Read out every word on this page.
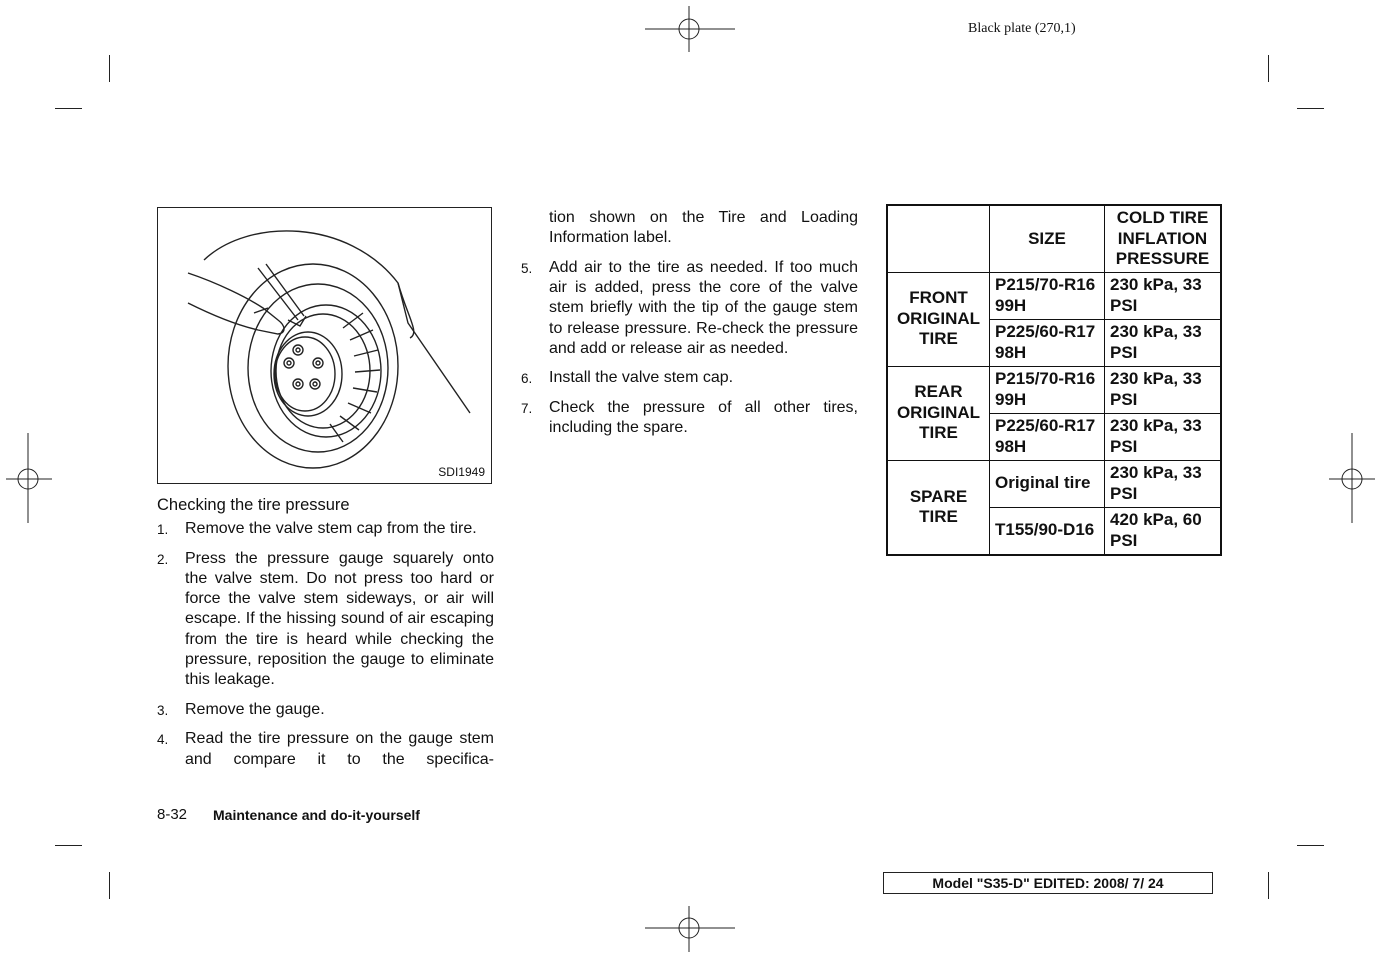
Black plate (270,1)
SDI1949
Checking the tire pressure
1. Remove the valve stem cap from the tire.
2. Press the pressure gauge squarely onto the valve stem. Do not press too hard or force the valve stem sideways, or air will escape. If the hissing sound of air escaping from the tire is heard while checking the pressure, reposition the gauge to eliminate this leakage.
3. Remove the gauge.
4. Read the tire pressure on the gauge stem and compare it to the specifica-
tion shown on the Tire and Loading Information label.
5. Add air to the tire as needed. If too much air is added, press the core of the valve stem briefly with the tip of the gauge stem to release pressure. Re-check the pressure and add or release air as needed.
6. Install the valve stem cap.
7. Check the pressure of all other tires, including the spare.
	SIZE	COLD TIRE INFLATION PRESSURE
FRONT ORIGINAL TIRE	P215/70-R16 99H	230 kPa, 33 PSI
	P225/60-R17 98H	230 kPa, 33 PSI
REAR ORIGINAL TIRE	P215/70-R16 99H	230 kPa, 33 PSI
	P225/60-R17 98H	230 kPa, 33 PSI
SPARE TIRE	Original tire	230 kPa, 33 PSI
	T155/90-D16	420 kPa, 60 PSI
8-32 Maintenance and do-it-yourself
Model "S35-D" EDITED: 2008/ 7/ 24
